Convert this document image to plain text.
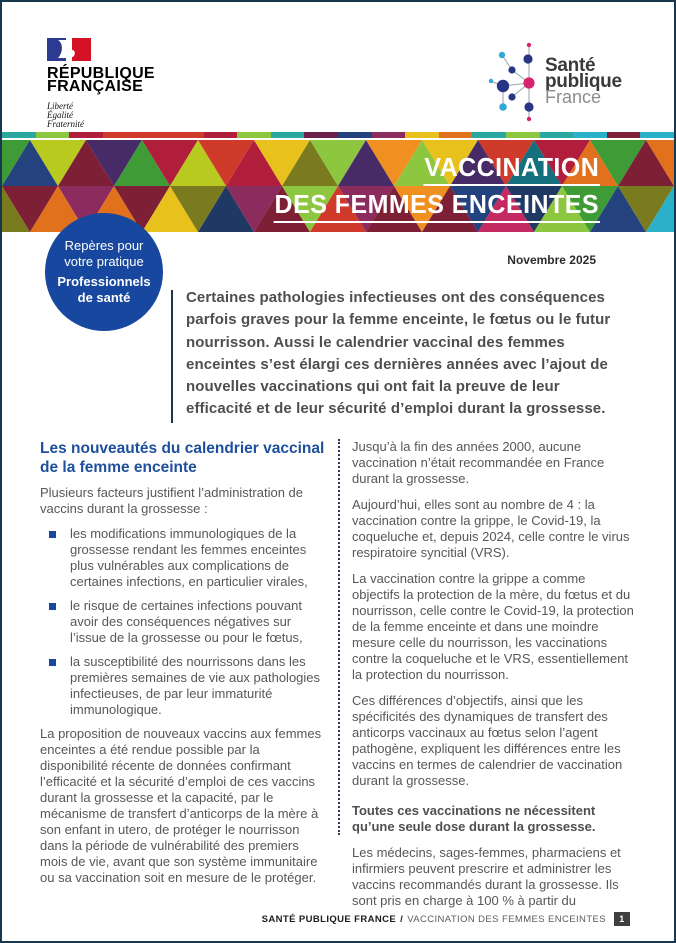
RÉPUBLIQUE
FRANÇAISE
Liberté
Égalité
Fraternité
Santé
publique
France
VACCINATION
DES FEMMES ENCEINTES
Repères pour
votre pratique
Professionnels
de santé
Novembre 2025
Certaines pathologies infectieuses ont des conséquences parfois graves pour la femme enceinte, le fœtus ou le futur nourrisson. Aussi le calendrier vaccinal des femmes enceintes s’est élargi ces dernières années avec l’ajout de nouvelles vaccinations qui ont fait la preuve de leur efficacité et de leur sécurité d’emploi durant la grossesse.
Les nouveautés du calendrier vaccinal de la femme enceinte

Plusieurs facteurs justifient l’administration de vaccins durant la grossesse :

les modifications immunologiques de la grossesse rendant les femmes enceintes plus vulnérables aux complications de certaines infections, en particulier virales,
le risque de certaines infections pouvant avoir des conséquences négatives sur l’issue de la grossesse ou pour le fœtus,
la susceptibilité des nourrissons dans les premières semaines de vie aux pathologies infectieuses, de par leur immaturité immunologique.

La proposition de nouveaux vaccins aux femmes enceintes a été rendue possible par la disponibilité récente de données confirmant l’efficacité et la sécurité d’emploi de ces vaccins durant la grossesse et la capacité, par le mécanisme de transfert d’anticorps de la mère à son enfant in utero, de protéger le nourrisson dans la période de vulnérabilité des premiers mois de vie, avant que son système immunitaire ou sa vaccination soit en mesure de le protéger.

Jusqu’à la fin des années 2000, aucune vaccination n’était recommandée en France durant la grossesse.

Aujourd’hui, elles sont au nombre de 4 : la vaccination contre la grippe, le Covid-19, la coqueluche et, depuis 2024, celle contre le virus respiratoire syncitial (VRS).

La vaccination contre la grippe a comme objectifs la protection de la mère, du fœtus et du nourrisson, celle contre le Covid-19, la protection de la femme enceinte et dans une moindre mesure celle du nourrisson, les vaccinations contre la coqueluche et le VRS, essentiellement la protection du nourrisson.

Ces différences d’objectifs, ainsi que les spécificités des dynamiques de transfert des anticorps vaccinaux au fœtus selon l’agent pathogène, expliquent les différences entre les vaccins en termes de calendrier de vaccination durant la grossesse.

Toutes ces vaccinations ne nécessitent qu’une seule dose durant la grossesse.

Les médecins, sages-femmes, pharmaciens et infirmiers peuvent prescrire et administrer les vaccins recommandés durant la grossesse. Ils sont pris en charge à 100 % à partir du

SANTÉ PUBLIQUE FRANCE / VACCINATION DES FEMMES ENCEINTES	1
